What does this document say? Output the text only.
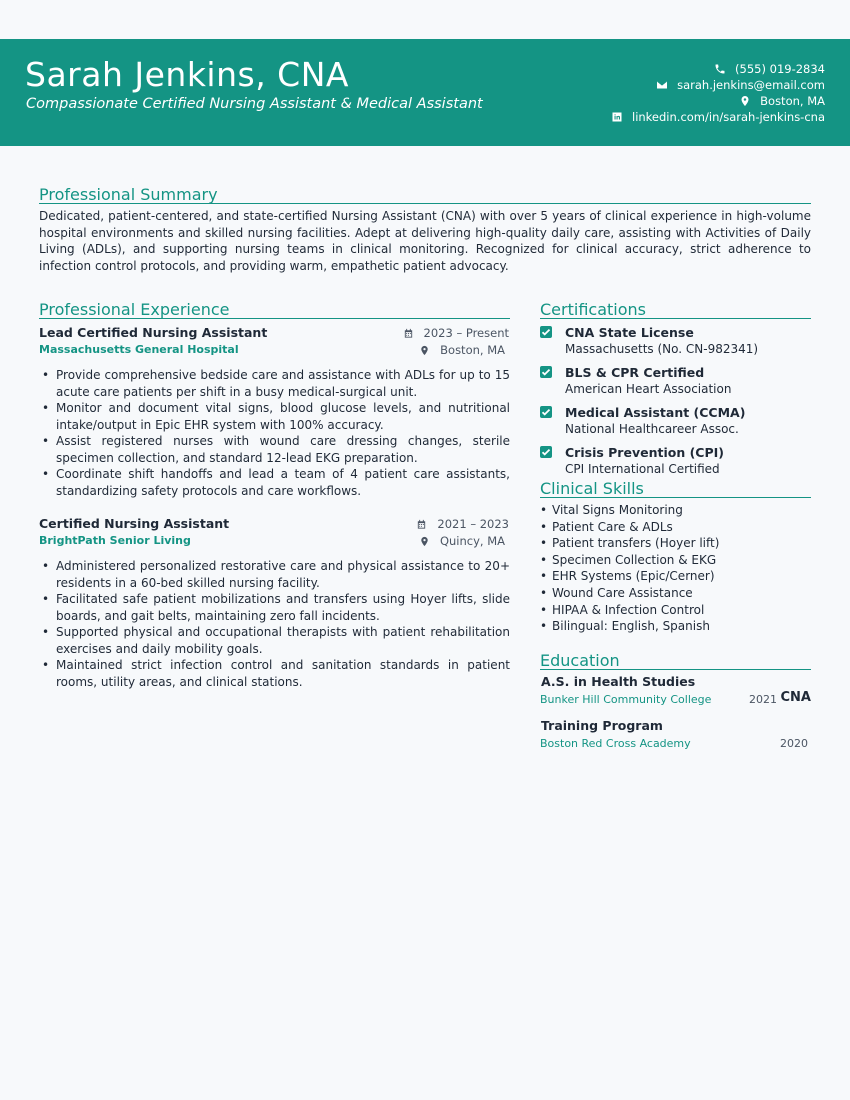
Sarah Jenkins, CNA
Compassionate Certified Nursing Assistant & Medical Assistant
(555) 019-2834
sarah.jenkins@email.com
Boston, MA
linkedin.com/in/sarah-jenkins-cna
Professional Summary

Dedicated, patient-centered, and state-certified Nursing Assistant (CNA) with over 5 years of clinical experience in high-volume hospital environments and skilled nursing facilities. Adept at delivering high-quality daily care, assisting with Activities of Daily Living (ADLs), and supporting nursing teams in clinical monitoring. Recognized for clinical accuracy, strict adherence to infection control protocols, and providing warm, empathetic patient advocacy.

Professional Experience
Lead Certified Nursing Assistant
Massachusetts General Hospital
2023 – Present
Boston, MA
• Provide comprehensive bedside care and assistance with ADLs for up to 15 acute care patients per shift in a busy medical-surgical unit.
• Monitor and document vital signs, blood glucose levels, and nutritional intake/output in Epic EHR system with 100% accuracy.
• Assist registered nurses with wound care dressing changes, sterile specimen collection, and standard 12-lead EKG preparation.
• Coordinate shift handoffs and lead a team of 4 patient care assistants, standardizing safety protocols and care workflows.
Certified Nursing Assistant
BrightPath Senior Living
2021 – 2023
Quincy, MA
• Administered personalized restorative care and physical assistance to 20+ residents in a 60-bed skilled nursing facility.
• Facilitated safe patient mobilizations and transfers using Hoyer lifts, slide boards, and gait belts, maintaining zero fall incidents.
• Supported physical and occupational therapists with patient rehabilitation exercises and daily mobility goals.
• Maintained strict infection control and sanitation standards in patient rooms, utility areas, and clinical stations.
Certifications
CNA State License
Massachusetts (No. CN-982341)
BLS & CPR Certified
American Heart Association
Medical Assistant (CCMA)
National Healthcareer Assoc.
Crisis Prevention (CPI)
CPI International Certified
Clinical Skills
• Vital Signs Monitoring
• Patient Care & ADLs
• Patient transfers (Hoyer lift)
• Specimen Collection & EKG
• EHR Systems (Epic/Cerner)
• Wound Care Assistance
• HIPAA & Infection Control
• Bilingual: English, Spanish
Education
A.S. in Health Studies
Bunker Hill Community College	2021 CNA
Training Program
Boston Red Cross Academy	2020
